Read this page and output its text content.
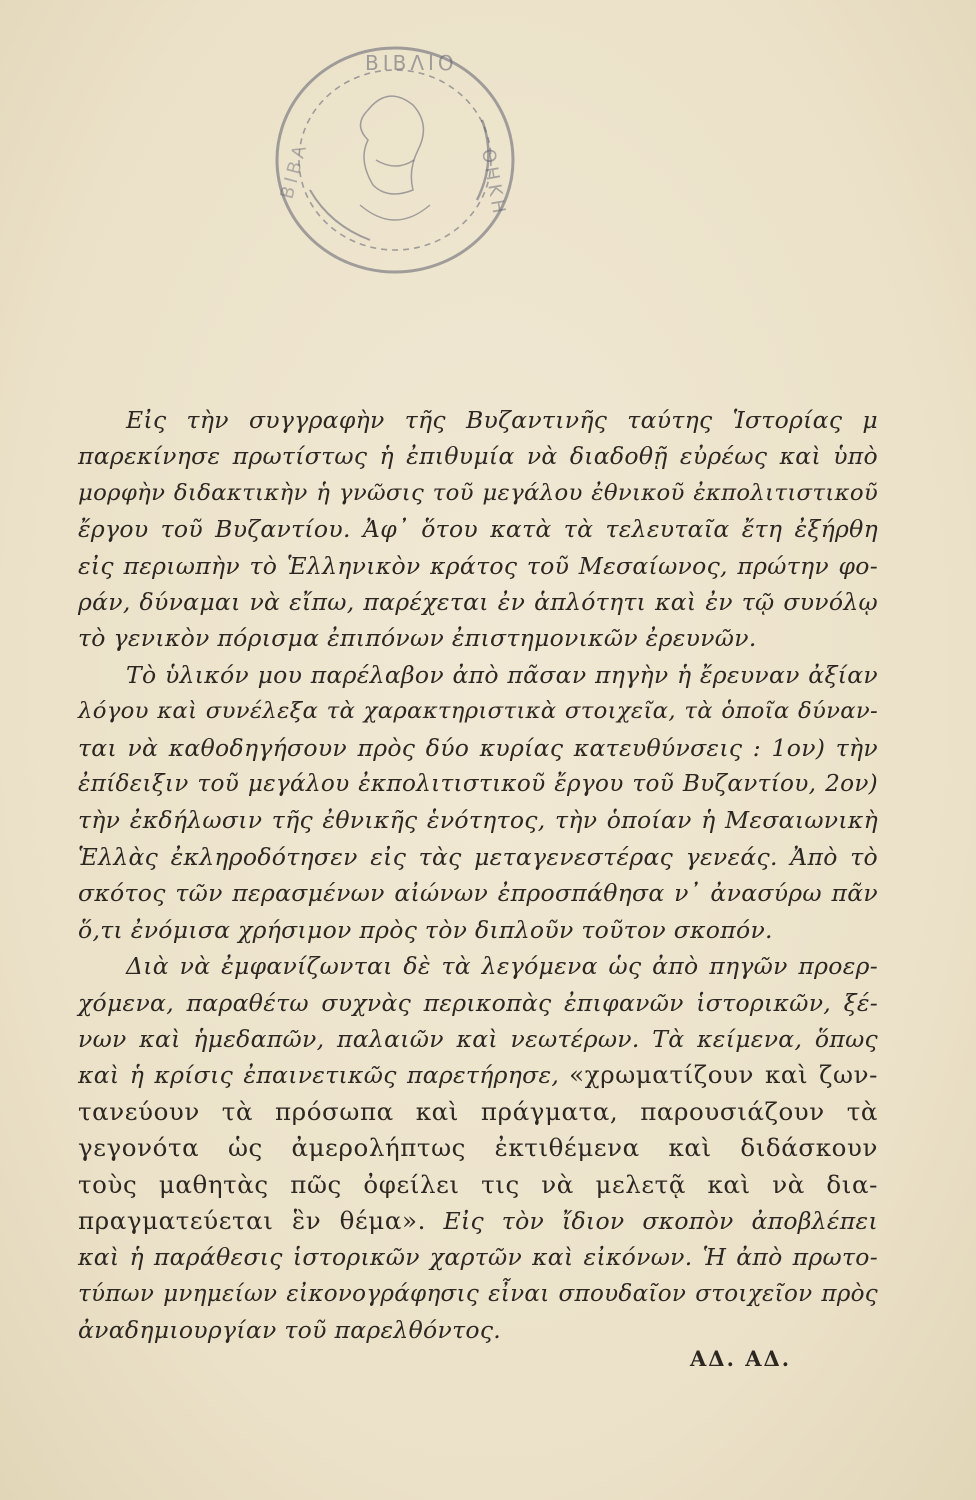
ΒΙΒΛΙΟ
ΘΗΚΗ
ΒΙΒΛ
Εἰς τὴν συγγραφὴν τῆς Βυζαντινῆς ταύτης Ἱστορίας μ
παρεκίνησε πρωτίστως ἡ ἐπιθυμία νὰ διαδοθῇ εὐρέως καὶ ὑπὸ
μορφὴν διδακτικὴν ἡ γνῶσις τοῦ μεγάλου ἐθνικοῦ ἐκπολιτιστικοῦ
ἔργου τοῦ Βυζαντίου. Ἀφ᾽ ὅτου κατὰ τὰ τελευταῖα ἔτη ἐξήρθη
εἰς περιωπὴν τὸ Ἑλληνικὸν κράτος τοῦ Μεσαίωνος, πρώτην φο-
ράν, δύναμαι νὰ εἴπω, παρέχεται ἐν ἁπλότητι καὶ ἐν τῷ συνόλῳ
τὸ γενικὸν πόρισμα ἐπιπόνων ἐπιστημονικῶν ἐρευνῶν.
Τὸ ὑλικόν μου παρέλαβον ἀπὸ πᾶσαν πηγὴν ἡ ἔρευναν ἀξίαν
λόγου καὶ συνέλεξα τὰ χαρακτηριστικὰ στοιχεῖα, τὰ ὁποῖα δύναν-
ται νὰ καθοδηγήσουν πρὸς δύο κυρίας κατευθύνσεις : 1ον) τὴν
ἐπίδειξιν τοῦ μεγάλου ἐκπολιτιστικοῦ ἔργου τοῦ Βυζαντίου, 2ον)
τὴν ἐκδήλωσιν τῆς ἐθνικῆς ἑνότητος, τὴν ὁποίαν ἡ Μεσαιωνικὴ
Ἑλλὰς ἐκληροδότησεν εἰς τὰς μεταγενεστέρας γενεάς. Ἀπὸ τὸ
σκότος τῶν περασμένων αἰώνων ἐπροσπάθησα ν᾽ ἀνασύρω πᾶν
ὅ,τι ἐνόμισα χρήσιμον πρὸς τὸν διπλοῦν τοῦτον σκοπόν.
Διὰ νὰ ἐμφανίζωνται δὲ τὰ λεγόμενα ὡς ἀπὸ πηγῶν προερ-
χόμενα, παραθέτω συχνὰς περικοπὰς ἐπιφανῶν ἱστορικῶν, ξέ-
νων καὶ ἡμεδαπῶν, παλαιῶν καὶ νεωτέρων. Τὰ κείμενα, ὅπως
καὶ ἡ κρίσις ἐπαινετικῶς παρετήρησε, «χρωματίζουν καὶ ζων-
τανεύουν τὰ πρόσωπα καὶ πράγματα, παρουσιάζουν τὰ
γεγονότα ὡς ἀμερολήπτως ἐκτιθέμενα καὶ διδάσκουν
τοὺς μαθητὰς πῶς ὀφείλει τις νὰ μελετᾷ καὶ νὰ δια-
πραγματεύεται ἓν θέμα». Εἰς τὸν ἴδιον σκοπὸν ἀποβλέπει
καὶ ἡ παράθεσις ἱστορικῶν χαρτῶν καὶ εἰκόνων. Ἡ ἀπὸ πρωτο-
τύπων μνημείων εἰκονογράφησις εἶναι σπουδαῖον στοιχεῖον πρὸς
ἀναδημιουργίαν τοῦ παρελθόντος.
ΑΔ. ΑΔ.
